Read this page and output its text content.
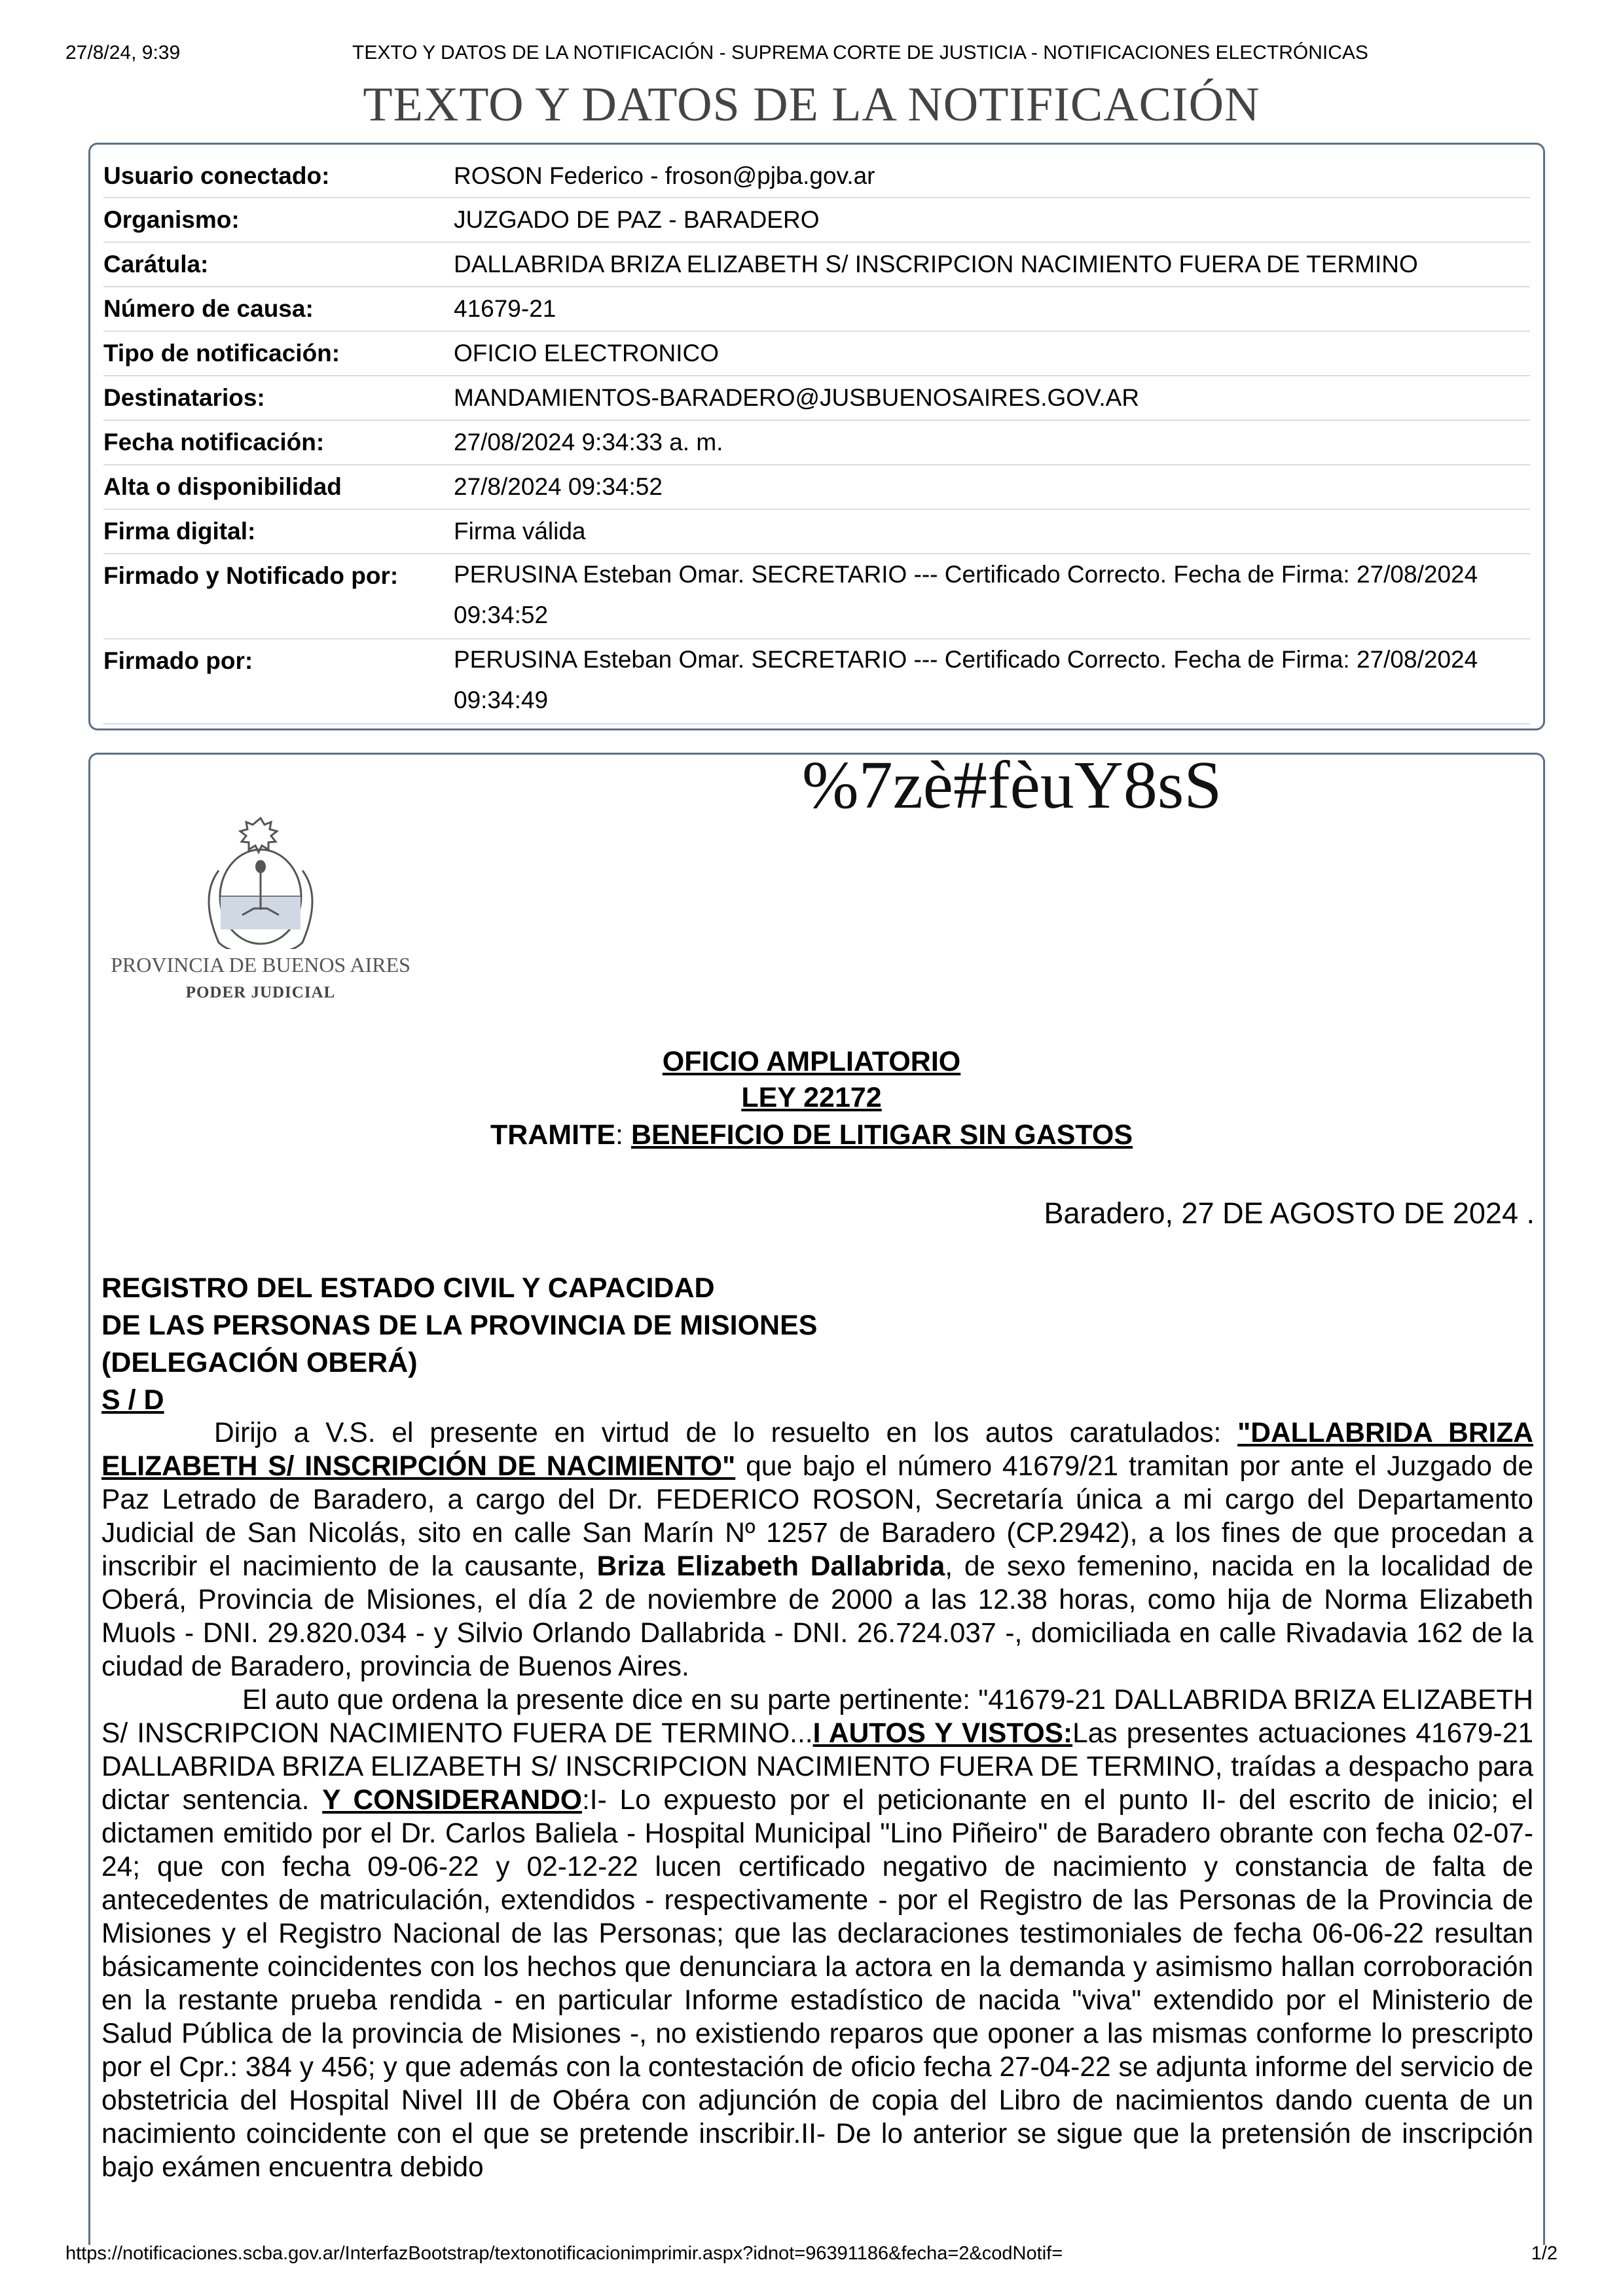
27/8/24, 9:39	TEXTO Y DATOS DE LA NOTIFICACIÓN - SUPREMA CORTE DE JUSTICIA - NOTIFICACIONES ELECTRÓNICAS
TEXTO Y DATOS DE LA NOTIFICACIÓN
Usuario conectado:	ROSON Federico - froson@pjba.gov.ar
Organismo:	JUZGADO DE PAZ - BARADERO
Carátula:	DALLABRIDA BRIZA ELIZABETH S/ INSCRIPCION NACIMIENTO FUERA DE TERMINO
Número de causa:	41679-21
Tipo de notificación:	OFICIO ELECTRONICO
Destinatarios:	MANDAMIENTOS-BARADERO@JUSBUENOSAIRES.GOV.AR
Fecha notificación:	27/08/2024 9:34:33 a. m.
Alta o disponibilidad	27/8/2024 09:34:52
Firma digital:	Firma válida
Firmado y Notificado por: PERUSINA Esteban Omar. SECRETARIO --- Certificado Correcto. Fecha de Firma: 27/08/2024 09:34:52
Firmado por:	PERUSINA Esteban Omar. SECRETARIO --- Certificado Correcto. Fecha de Firma: 27/08/2024 09:34:49
%7zè#fèuY8sS
PROVINCIA DE BUENOS AIRES
PODER JUDICIAL
OFICIO AMPLIATORIO
LEY 22172
TRAMITE: BENEFICIO DE LITIGAR SIN GASTOS
Baradero, 27 DE AGOSTO DE 2024 .
REGISTRO DEL ESTADO CIVIL Y CAPACIDAD
DE LAS PERSONAS DE LA PROVINCIA DE MISIONES
(DELEGACIÓN OBERÁ)
S / D

Dirijo a V.S. el presente en virtud de lo resuelto en los autos caratulados: "DALLABRIDA BRIZA ELIZABETH S/ INSCRIPCIÓN DE NACIMIENTO" que bajo el número 41679/21 tramitan por ante el Juzgado de Paz Letrado de Baradero, a cargo del Dr. FEDERICO ROSON, Secretaría única a mi cargo del Departamento Judicial de San Nicolás, sito en calle San Marín Nº 1257 de Baradero (CP.2942), a los fines de que procedan a inscribir el nacimiento de la causante, Briza Elizabeth Dallabrida, de sexo femenino, nacida en la localidad de Oberá, Provincia de Misiones, el día 2 de noviembre de 2000 a las 12.38 horas, como hija de Norma Elizabeth Muols - DNI. 29.820.034 - y Silvio Orlando Dallabrida - DNI. 26.724.037 -, domiciliada en calle Rivadavia 162 de la ciudad de Baradero, provincia de Buenos Aires.

El auto que ordena la presente dice en su parte pertinente: "41679-21 DALLABRIDA BRIZA ELIZABETH S/ INSCRIPCION NACIMIENTO FUERA DE TERMINO...I AUTOS Y VISTOS:Las presentes actuaciones 41679-21 DALLABRIDA BRIZA ELIZABETH S/ INSCRIPCION NACIMIENTO FUERA DE TERMINO, traídas a despacho para dictar sentencia. Y CONSIDERANDO:I- Lo expuesto por el peticionante en el punto II- del escrito de inicio; el dictamen emitido por el Dr. Carlos Baliela - Hospital Municipal "Lino Piñeiro" de Baradero obrante con fecha 02-07-24; que con fecha 09-06-22 y 02-12-22 lucen certificado negativo de nacimiento y constancia de falta de antecedentes de matriculación, extendidos - respectivamente - por el Registro de las Personas de la Provincia de Misiones y el Registro Nacional de las Personas; que las declaraciones testimoniales de fecha 06-06-22 resultan básicamente coincidentes con los hechos que denunciara la actora en la demanda y asimismo hallan corroboración en la restante prueba rendida - en particular Informe estadístico de nacida "viva" extendido por el Ministerio de Salud Pública de la provincia de Misiones -, no existiendo reparos que oponer a las mismas conforme lo prescripto por el Cpr.: 384 y 456; y que además con la contestación de oficio fecha 27-04-22 se adjunta informe del servicio de obstetricia del Hospital Nivel III de Obéra con adjunción de copia del Libro de nacimientos dando cuenta de un nacimiento coincidente con el que se pretende inscribir.II- De lo anterior se sigue que la pretensión de inscripción bajo exámen encuentra debido

https://notificaciones.scba.gov.ar/InterfazBootstrap/textonotificacionimprimir.aspx?idnot=96391186&fecha=2&codNotif=	1/2
